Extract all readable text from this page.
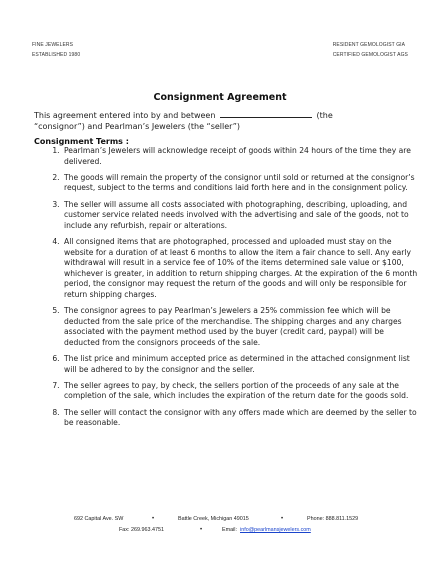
FINE JEWELERS
ESTABLISHED 1980
RESIDENT GEMOLOGIST GIA
CERTIFIED GEMOLOGIST AGS
Consignment Agreement
This agreement entered into by and between	(the “consignor”) and Pearlman’s Jewelers (the “seller”)
Consignment Terms :
1. Pearlman’s Jewelers will acknowledge receipt of goods within 24 hours of the time they are delivered.
2. The goods will remain the property of the consignor until sold or returned at the consignor’s request, subject to the terms and conditions laid forth here and in the consignment policy.
3. The seller will assume all costs associated with photographing, describing, uploading, and customer service related needs involved with the advertising and sale of the goods, not to include any refurbish, repair or alterations.
4. All consigned items that are photographed, processed and uploaded must stay on the website for a duration of at least 6 months to allow the item a fair chance to sell. Any early withdrawal will result in a service fee of 10% of the items determined sale value or $100, whichever is greater, in addition to return shipping charges. At the expiration of the 6 month period, the consignor may request the return of the goods and will only be responsible for return shipping charges.
5. The consignor agrees to pay Pearlman’s Jewelers a 25% commission fee which will be deducted from the sale price of the merchandise. The shipping charges and any charges associated with the payment method used by the buyer (credit card, paypal) will be deducted from the consignors proceeds of the sale.
6. The list price and minimum accepted price as determined in the attached consignment list will be adhered to by the consignor and the seller.
7. The seller agrees to pay, by check, the sellers portion of the proceeds of any sale at the completion of the sale, which includes the expiration of the return date for the goods sold.
8. The seller will contact the consignor with any offers made which are deemed by the seller to be reasonable.
692 Capital Ave. SW	•	Battle Creek, Michigan 49015	•	Phone: 888.811.1529
Fax: 269.963.4751	•	Email: info@pearlmansjewelers.com
